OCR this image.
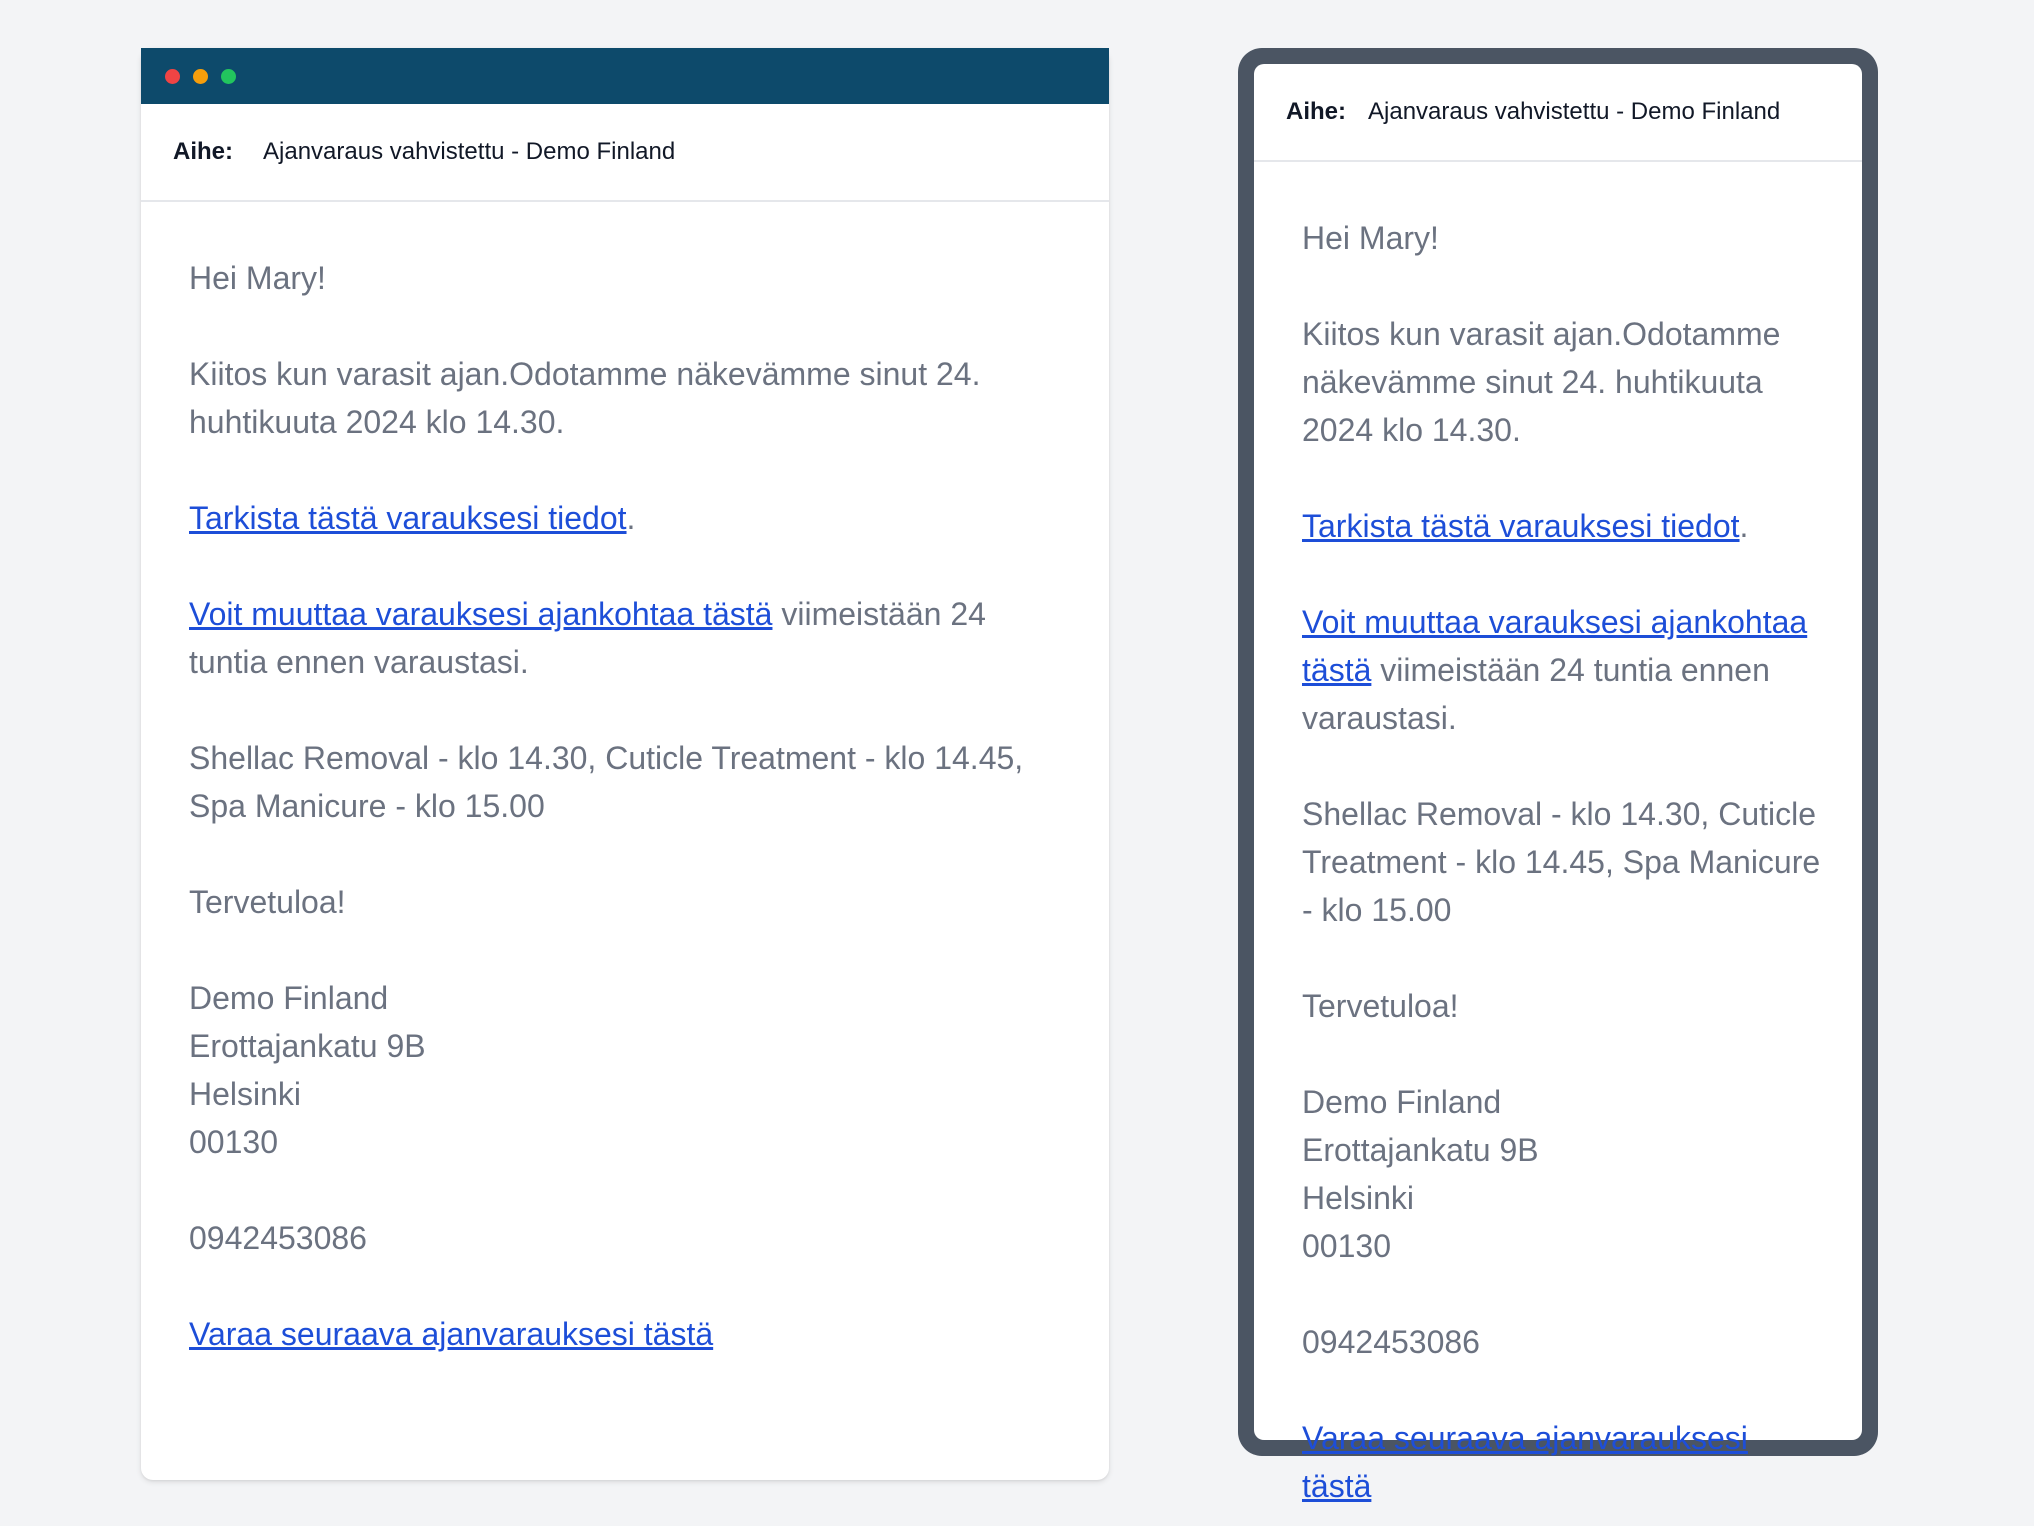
Aihe: Ajanvaraus vahvistettu - Demo Finland

Hei Mary!

Kiitos kun varasit ajan.Odotamme näkevämme sinut 24. huhtikuuta 2024 klo 14.30.

Tarkista tästä varauksesi tiedot.

Voit muuttaa varauksesi ajankohtaa tästä viimeistään 24 tuntia ennen varaustasi.

Shellac Removal - klo 14.30, Cuticle Treatment - klo 14.45, Spa Manicure - klo 15.00

Tervetuloa!

Demo Finland
Erottajankatu 9B
Helsinki
00130

0942453086

Varaa seuraava ajanvarauksesi tästä

Aihe: Ajanvaraus vahvistettu - Demo Finland

Hei Mary!

Kiitos kun varasit ajan.Odotamme näkevämme sinut 24. huhtikuuta 2024 klo 14.30.

Tarkista tästä varauksesi tiedot.

Voit muuttaa varauksesi ajankohtaa tästä viimeistään 24 tuntia ennen varaustasi.

Shellac Removal - klo 14.30, Cuticle Treatment - klo 14.45, Spa Manicure - klo 15.00

Tervetuloa!

Demo Finland
Erottajankatu 9B
Helsinki
00130

0942453086

Varaa seuraava ajanvarauksesi tästä
